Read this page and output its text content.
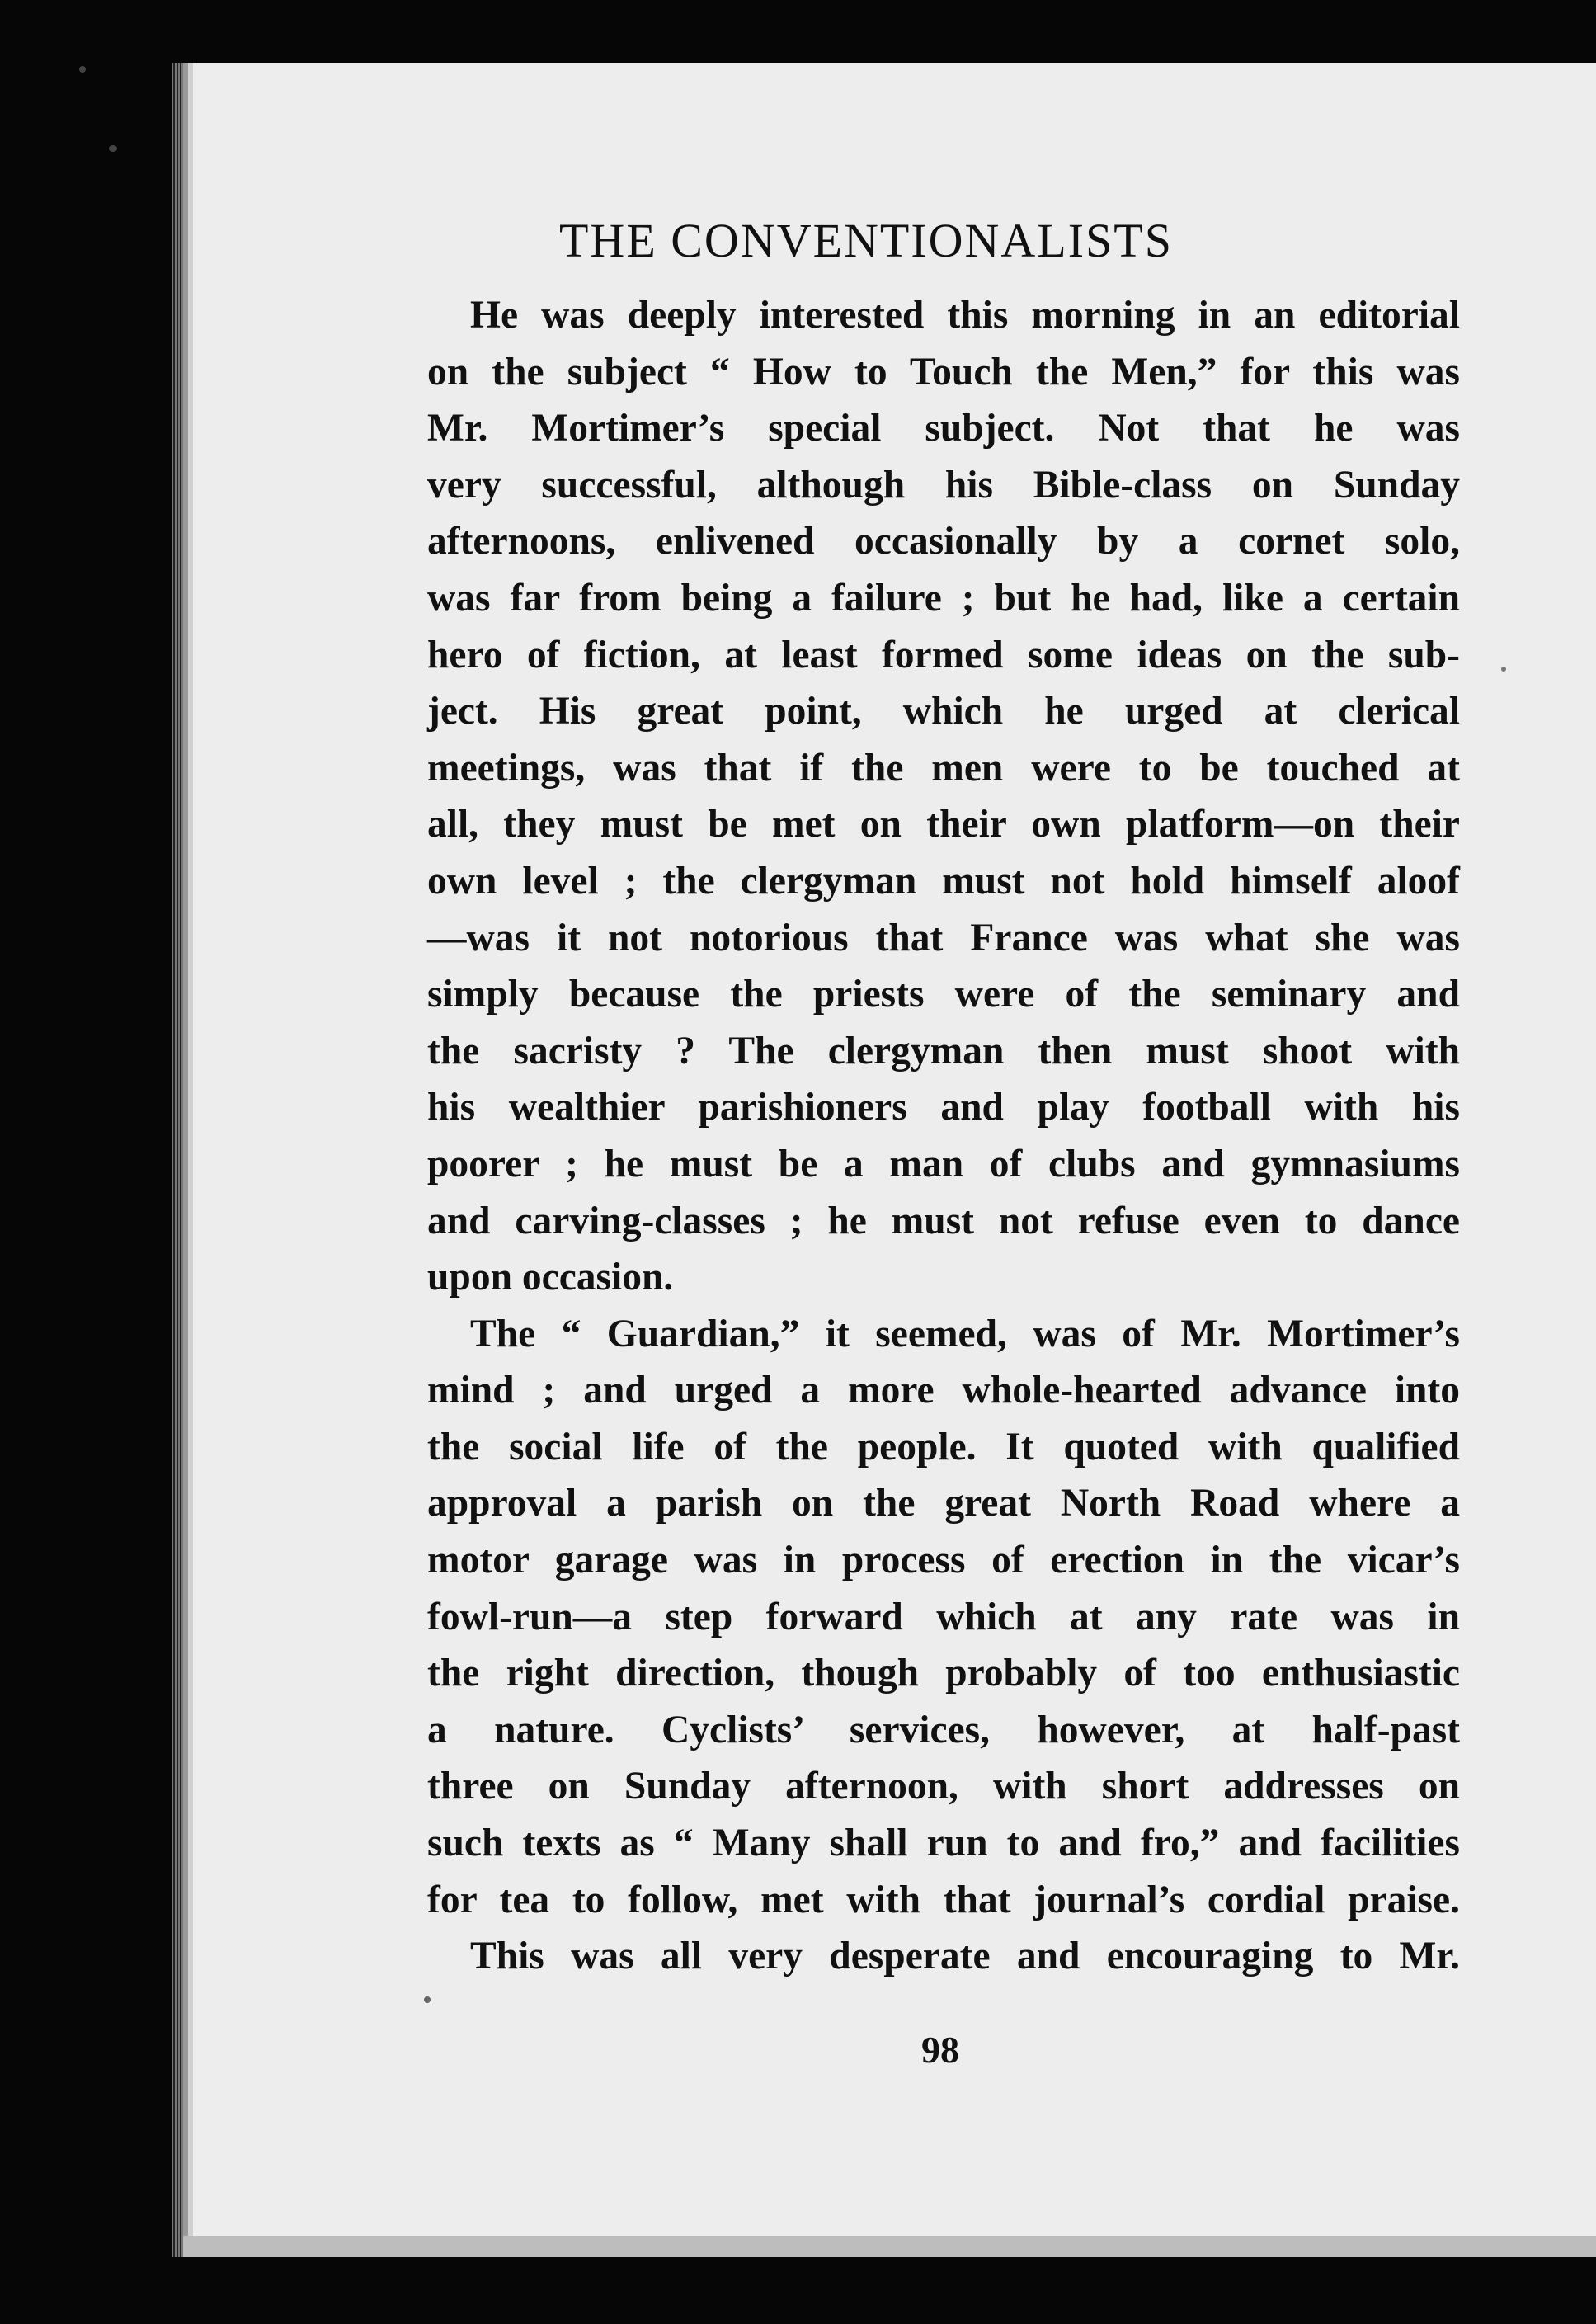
THE CONVENTIONALISTS
He was deeply interested this morning in an editorial
on the subject “ How to Touch the Men,” for this was
Mr. Mortimer’s special subject. Not that he was
very successful, although his Bible-class on Sunday
afternoons, enlivened occasionally by a cornet solo,
was far from being a failure ; but he had, like a certain
hero of fiction, at least formed some ideas on the sub-
ject. His great point, which he urged at clerical
meetings, was that if the men were to be touched at
all, they must be met on their own platform—on their
own level ; the clergyman must not hold himself aloof
—was it not notorious that France was what she was
simply because the priests were of the seminary and
the sacristy ? The clergyman then must shoot with
his wealthier parishioners and play football with his
poorer ; he must be a man of clubs and gymnasiums
and carving-classes ; he must not refuse even to dance
upon occasion.
The “ Guardian,” it seemed, was of Mr. Mortimer’s
mind ; and urged a more whole-hearted advance into
the social life of the people. It quoted with qualified
approval a parish on the great North Road where a
motor garage was in process of erection in the vicar’s
fowl-run—a step forward which at any rate was in
the right direction, though probably of too enthusiastic
a nature. Cyclists’ services, however, at half-past
three on Sunday afternoon, with short addresses on
such texts as “ Many shall run to and fro,” and facilities
for tea to follow, met with that journal’s cordial praise.
This was all very desperate and encouraging to Mr.
98
